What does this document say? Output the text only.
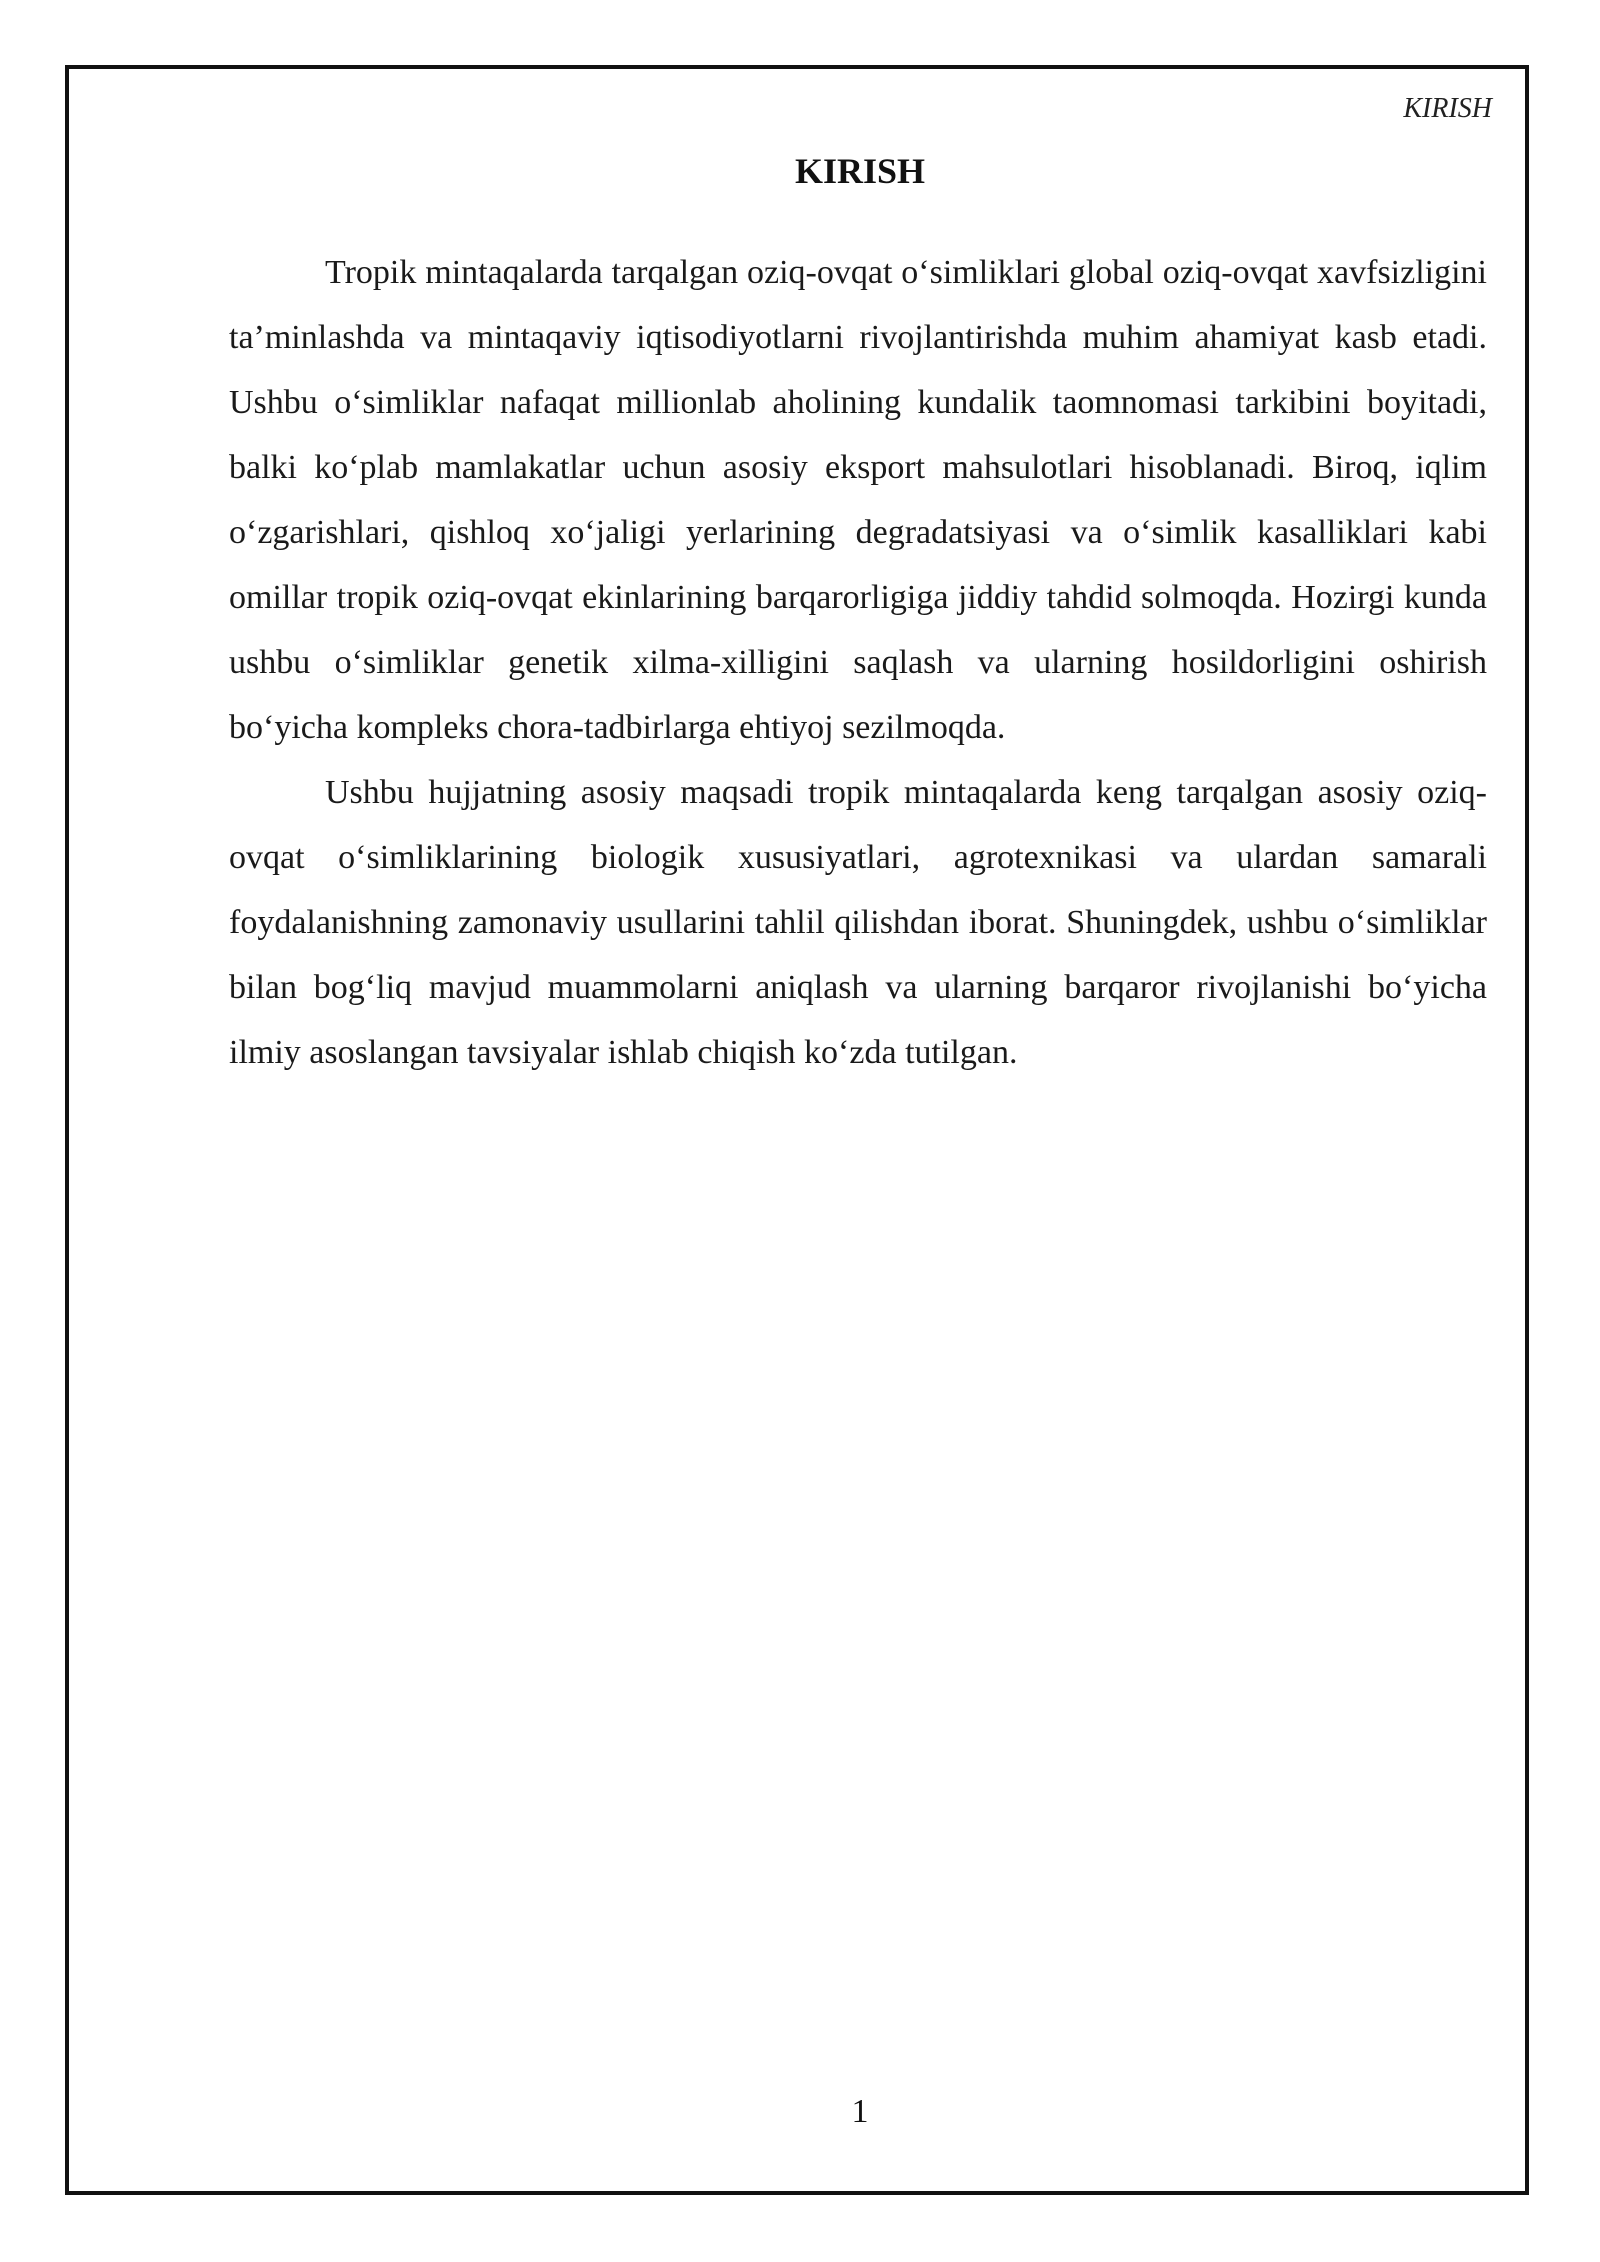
KIRISH
KIRISH

Tropik mintaqalarda tarqalgan oziq-ovqat o‘simliklari global oziq-ovqat xavfsizligini ta’minlashda va mintaqaviy iqtisodiyotlarni rivojlantirishda muhim ahamiyat kasb etadi. Ushbu o‘simliklar nafaqat millionlab aholining kundalik taomnomasi tarkibini boyitadi, balki ko‘plab mamlakatlar uchun asosiy eksport mahsulotlari hisoblanadi. Biroq, iqlim o‘zgarishlari, qishloq xo‘jaligi yerlarining degradatsiyasi va o‘simlik kasalliklari kabi omillar tropik oziq-ovqat ekinlarining barqarorligiga jiddiy tahdid solmoqda. Hozirgi kunda ushbu o‘simliklar genetik xilma-xilligini saqlash va ularning hosildorligini oshirish bo‘yicha kompleks chora-tadbirlarga ehtiyoj sezilmoqda.

Ushbu hujjatning asosiy maqsadi tropik mintaqalarda keng tarqalgan asosiy oziq-ovqat o‘simliklarining biologik xususiyatlari, agrotexnikasi va ulardan samarali foydalanishning zamonaviy usullarini tahlil qilishdan iborat. Shuningdek, ushbu o‘simliklar bilan bog‘liq mavjud muammolarni aniqlash va ularning barqaror rivojlanishi bo‘yicha ilmiy asoslangan tavsiyalar ishlab chiqish ko‘zda tutilgan.

1
